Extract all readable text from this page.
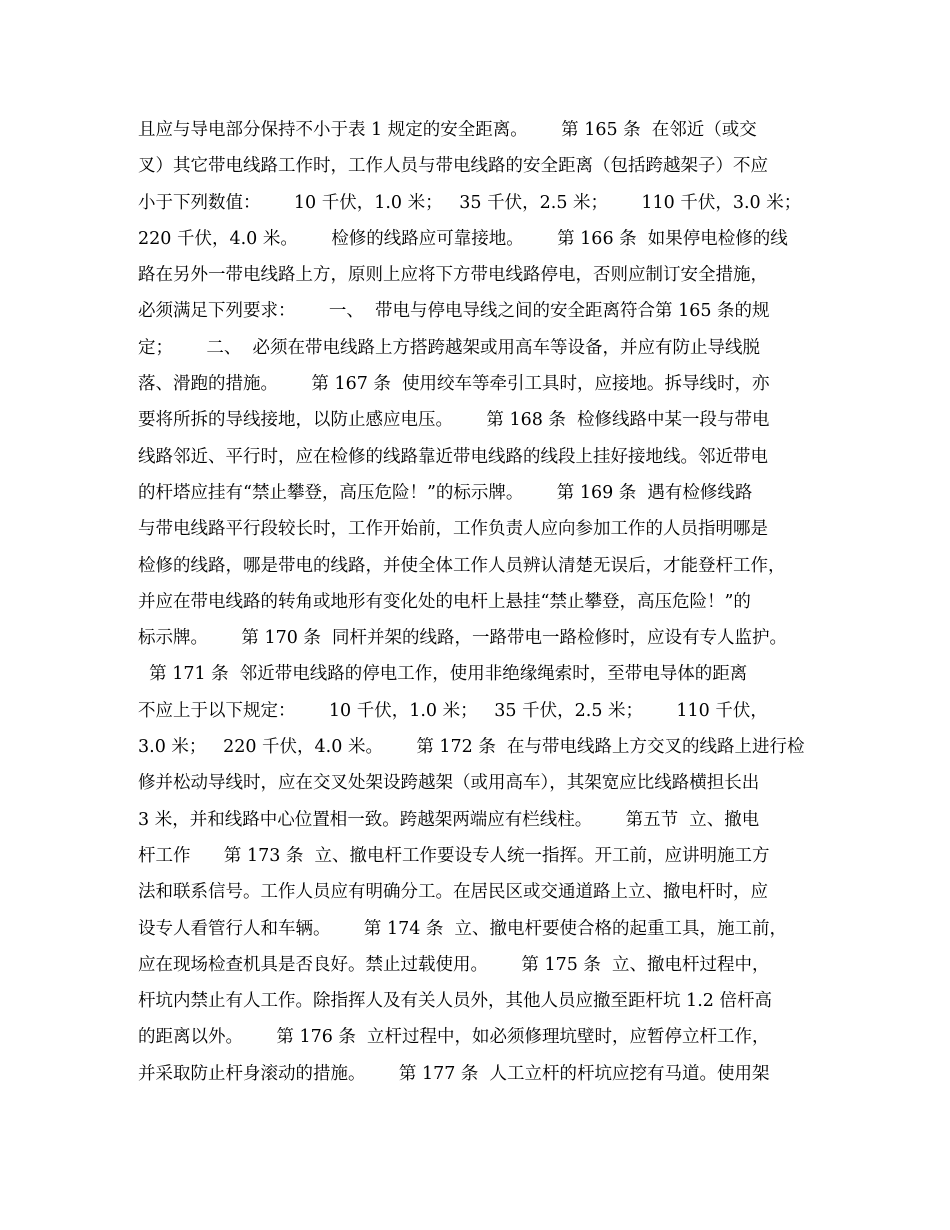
且应与导电部分保持不小于表 1 规定的安全距离。      第 165 条  在邻近（或交
叉）其它带电线路工作时，工作人员与带电线路的安全距离（包括跨越架子）不应
小于下列数值：      10 千伏，1.0 米；   35 千伏，2.5 米；      110 千伏，3.0 米；
220 千伏，4.0 米。      检修的线路应可靠接地。      第 166 条  如果停电检修的线
路在另外一带电线路上方，原则上应将下方带电线路停电，否则应制订安全措施，
必须满足下列要求：      一、  带电与停电导线之间的安全距离符合第 165 条的规
定；      二、  必须在带电线路上方搭跨越架或用高车等设备，并应有防止导线脱
落、滑跑的措施。      第 167 条  使用绞车等牵引工具时，应接地。拆导线时，亦
要将所拆的导线接地，以防止感应电压。      第 168 条  检修线路中某一段与带电
线路邻近、平行时，应在检修的线路靠近带电线路的线段上挂好接地线。邻近带电
的杆塔应挂有“禁止攀登，高压危险！”的标示牌。      第 169 条  遇有检修线路
与带电线路平行段较长时，工作开始前，工作负责人应向参加工作的人员指明哪是
检修的线路，哪是带电的线路，并使全体工作人员辨认清楚无误后，才能登杆工作，
并应在带电线路的转角或地形有变化处的电杆上悬挂“禁止攀登，高压危险！”的
标示牌。      第 170 条  同杆并架的线路，一路带电一路检修时，应设有专人监护。
第 171 条  邻近带电线路的停电工作，使用非绝缘绳索时，至带电导体的距离
不应上于以下规定：      10 千伏，1.0 米；   35 千伏，2.5 米；      110 千伏，
3.0 米；   220 千伏，4.0 米。      第 172 条  在与带电线路上方交叉的线路上进行检
修并松动导线时，应在交叉处架设跨越架（或用高车），其架宽应比线路横担长出
3 米，并和线路中心位置相一致。跨越架两端应有栏线柱。      第五节  立、撤电
杆工作      第 173 条  立、撤电杆工作要设专人统一指挥。开工前，应讲明施工方
法和联系信号。工作人员应有明确分工。在居民区或交通道路上立、撤电杆时，应
设专人看管行人和车辆。      第 174 条  立、撤电杆要使合格的起重工具，施工前，
应在现场检查机具是否良好。禁止过载使用。      第 175 条  立、撤电杆过程中，
杆坑内禁止有人工作。除指挥人及有关人员外，其他人员应撤至距杆坑 1.2 倍杆高
的距离以外。      第 176 条  立杆过程中，如必须修理坑壁时，应暂停立杆工作，
并采取防止杆身滚动的措施。      第 177 条  人工立杆的杆坑应挖有马道。使用架
